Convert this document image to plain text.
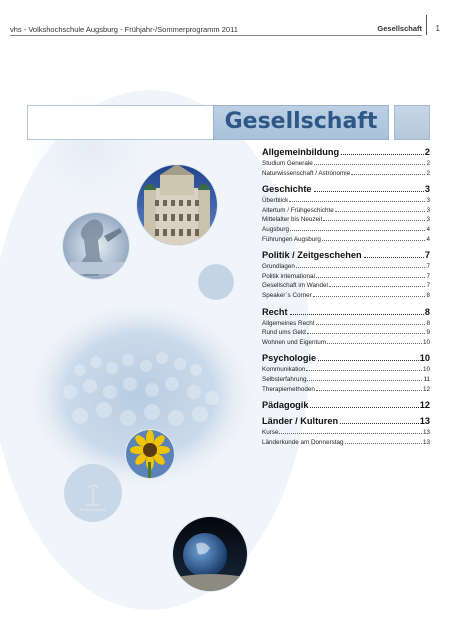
vhs - Volkshochschule Augsburg - Frühjahr-/Sommerprogramm 2011	Gesellschaft 1
Gesellschaft
Allgemeinbildung	2
Studium Generale	2
Naturwissenschaft / Astronomie	2
Geschichte	3
Überblick	3
Altertum / Frühgeschichte	3
Mittelalter bis Neuzeit	3
Augsburg	4
Führungen Augsburg	4
Politik / Zeitgeschehen	7
Grundlagen	7
Politik international	7
Gesellschaft im Wandel	7
Speaker´s Corner	8
Recht	8
Allgemeines Recht	8
Rund ums Geld	9
Wohnen und Eigentum	10
Psychologie	10
Kommunikation	10
Selbsterfahrung	11
Therapiemethoden	12
Pädagogik	12
Länder / Kulturen	13
Kurse	13
Länderkunde am Donnerstag	13
